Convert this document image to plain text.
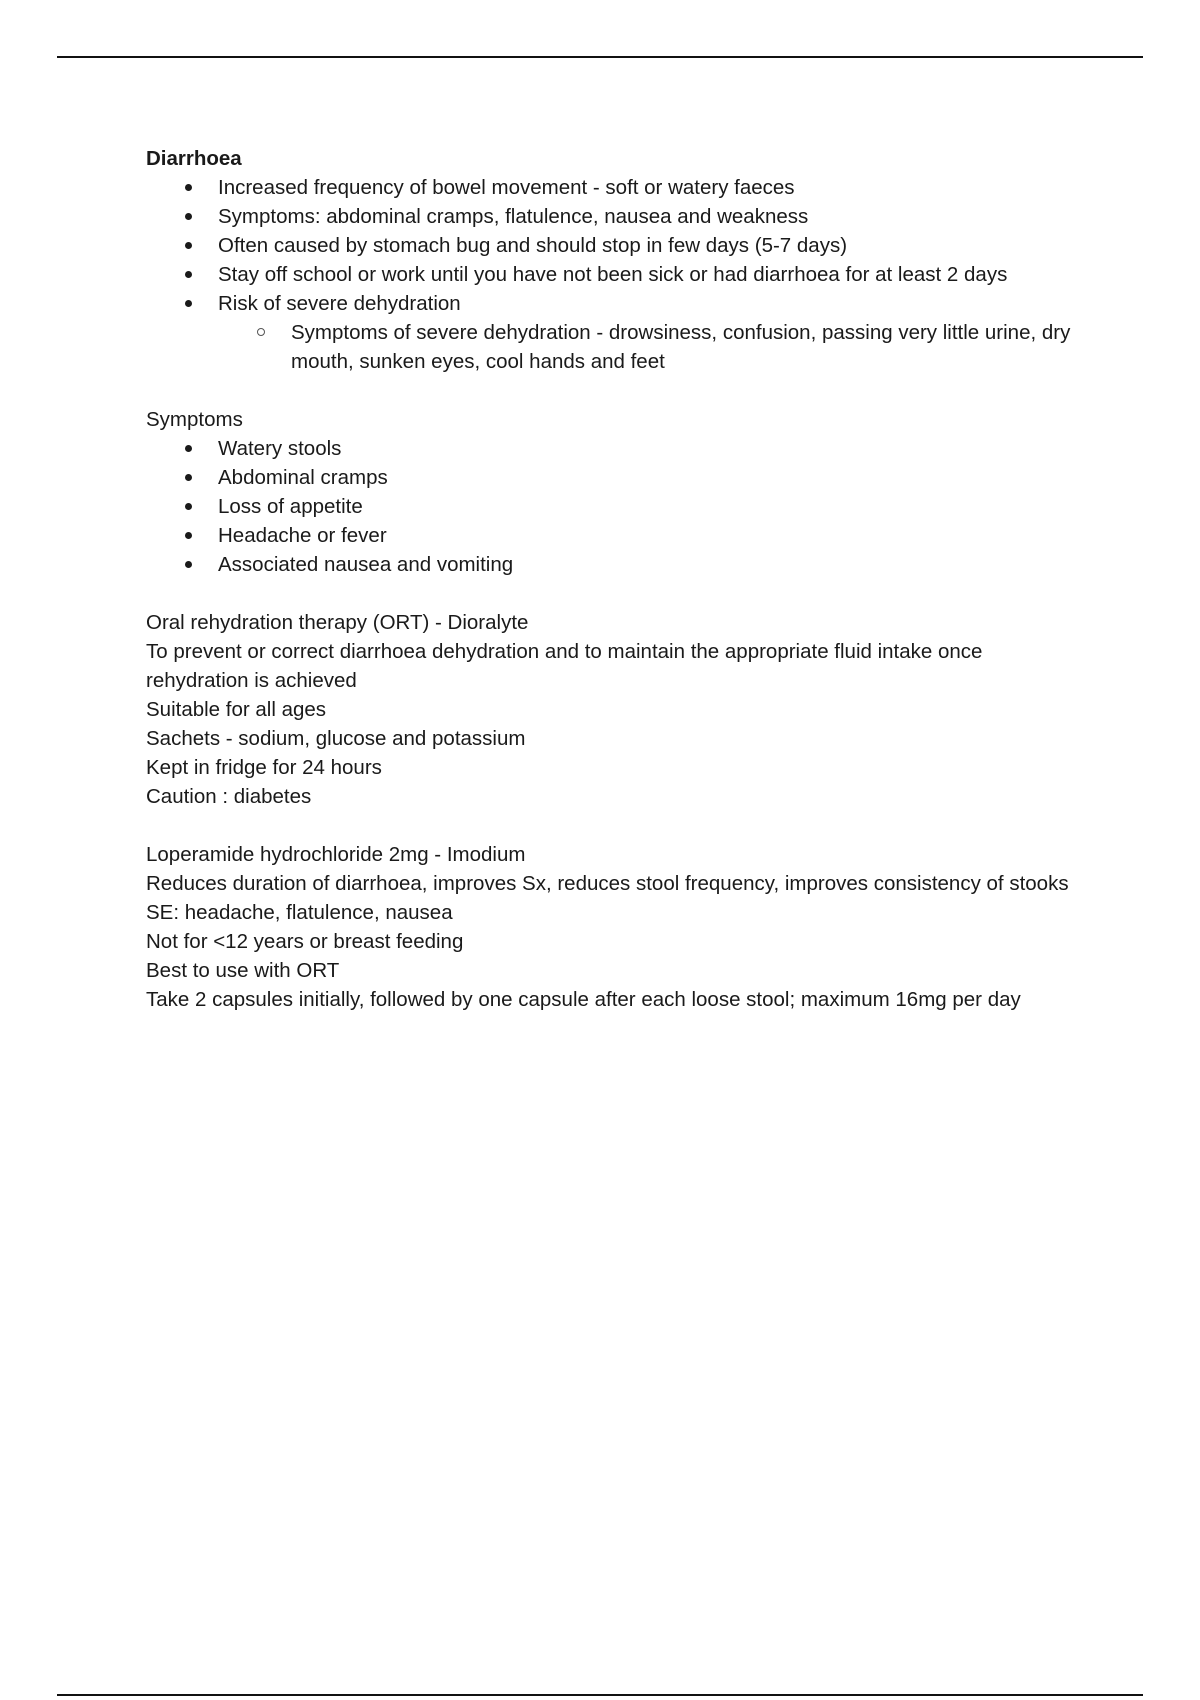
Diarrhoea

Increased frequency of bowel movement - soft or watery faeces
Symptoms: abdominal cramps, flatulence, nausea and weakness
Often caused by stomach bug and should stop in few days (5-7 days)
Stay off school or work until you have not been sick or had diarrhoea for at least 2 days
Risk of severe dehydration
Symptoms of severe dehydration - drowsiness, confusion, passing very little urine, dry mouth, sunken eyes, cool hands and feet

Symptoms

Watery stools
Abdominal cramps
Loss of appetite
Headache or fever
Associated nausea and vomiting

Oral rehydration therapy (ORT) - Dioralyte

To prevent or correct diarrhoea dehydration and to maintain the appropriate fluid intake once rehydration is achieved

Suitable for all ages

Sachets - sodium, glucose and potassium

Kept in fridge for 24 hours

Caution : diabetes

Loperamide hydrochloride 2mg - Imodium

Reduces duration of diarrhoea, improves Sx, reduces stool frequency, improves consistency of stooks

SE: headache, flatulence, nausea

Not for <12 years or breast feeding

Best to use with ORT

Take 2 capsules initially, followed by one capsule after each loose stool; maximum 16mg per day
